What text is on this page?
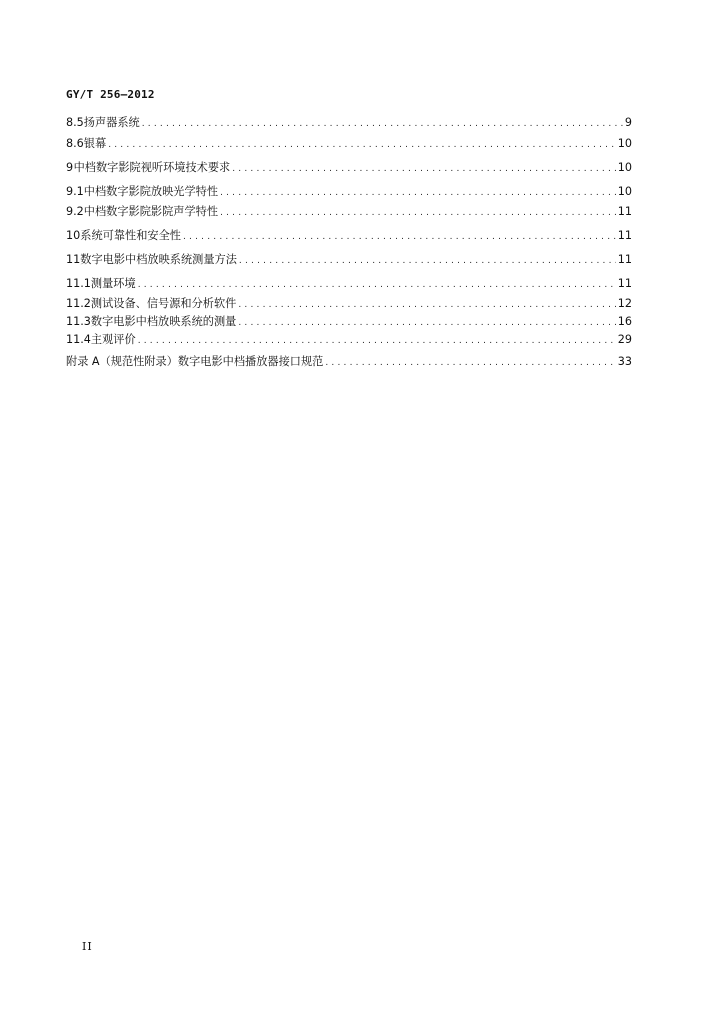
GY/T 256—2012
8.5 扬声器系统 .....	9
8.6 银幕 .....	10
9 中档数字影院视听环境技术要求 .....	10
9.1 中档数字影院放映光学特性 .....	10
9.2 中档数字影院影院声学特性 .....	11
10 系统可靠性和安全性 .....	11
11 数字电影中档放映系统测量方法 .....	11
11.1 测量环境 .....	11
11.2 测试设备、信号源和分析软件 .....	12
11.3 数字电影中档放映系统的测量 .....	16
11.4 主观评价 .....	29
附录 A（规范性附录） 数字电影中档播放器接口规范 .....	33
II
